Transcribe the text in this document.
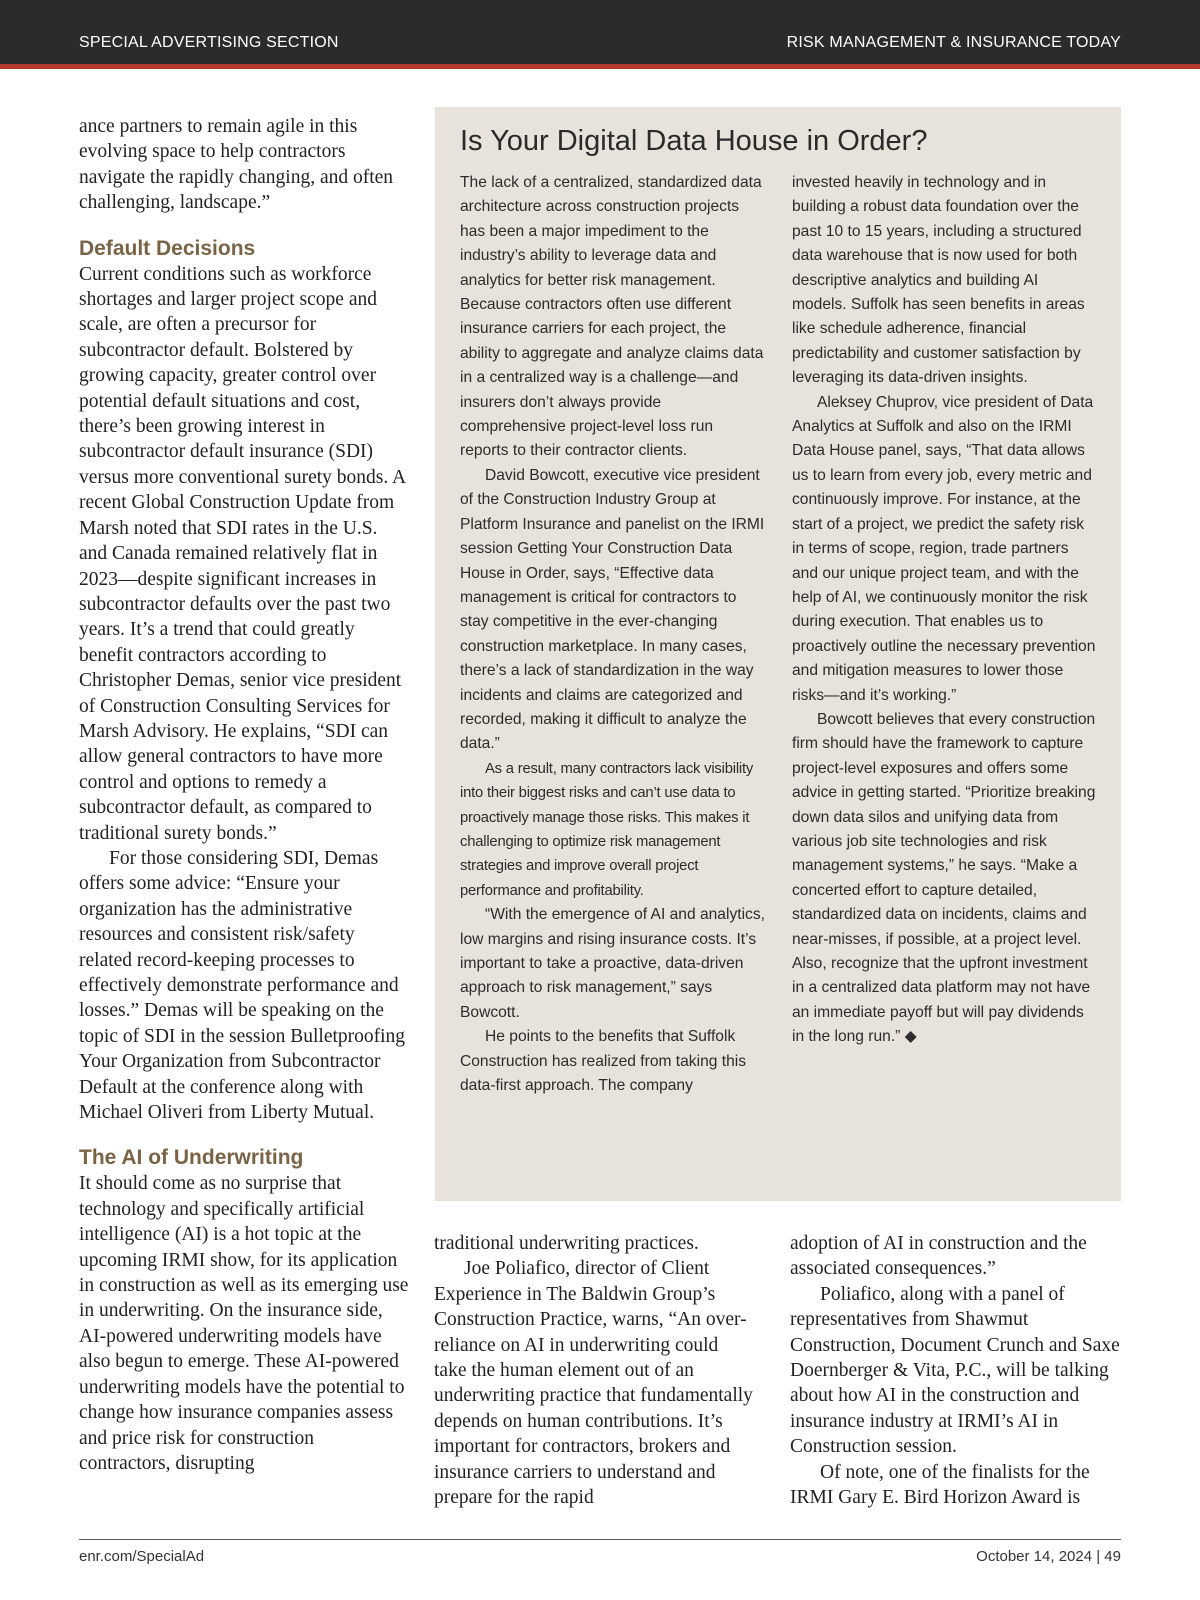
SPECIAL ADVERTISING SECTION	RISK MANAGEMENT & INSURANCE TODAY

ance partners to remain agile in this evolving space to help contractors navigate the rapidly changing, and often challenging, landscape.”

Default Decisions

Current conditions such as workforce shortages and larger project scope and scale, are often a precursor for subcontractor default. Bolstered by growing capacity, greater control over potential default situations and cost, there’s been growing interest in subcontractor default insurance (SDI) versus more conventional surety bonds. A recent Global Construction Update from Marsh noted that SDI rates in the U.S. and Canada remained relatively flat in 2023—despite significant increases in subcontractor defaults over the past two years. It’s a trend that could greatly benefit contractors according to Christopher Demas, senior vice president of Construction Consulting Services for Marsh Advisory. He explains, “SDI can allow general contractors to have more control and options to remedy a subcontractor default, as compared to traditional surety bonds.”

For those considering SDI, Demas offers some advice: “Ensure your organization has the administrative resources and consistent risk/safety related record-keeping processes to effectively demonstrate performance and losses.” Demas will be speaking on the topic of SDI in the session Bulletproofing Your Organization from Subcontractor Default at the conference along with Michael Oliveri from Liberty Mutual.

The AI of Underwriting

It should come as no surprise that technology and specifically artificial intelligence (AI) is a hot topic at the upcoming IRMI show, for its application in construction as well as its emerging use in underwriting. On the insurance side, AI-powered underwriting models have also begun to emerge. These AI-powered underwriting models have the potential to change how insurance companies assess and price risk for construction contractors, disrupting

Is Your Digital Data House in Order?

The lack of a centralized, standardized data architecture across construction projects has been a major impediment to the industry’s ability to leverage data and analytics for better risk management. Because contractors often use different insurance carriers for each project, the ability to aggregate and analyze claims data in a centralized way is a challenge—and insurers don’t always provide comprehensive project-level loss run reports to their contractor clients.

David Bowcott, executive vice president of the Construction Industry Group at Platform Insurance and panelist on the IRMI session Getting Your Construction Data House in Order, says, “Effective data management is critical for contractors to stay competitive in the ever-changing construction marketplace. In many cases, there’s a lack of standardization in the way incidents and claims are categorized and recorded, making it difficult to analyze the data.”

As a result, many contractors lack visibility into their biggest risks and can’t use data to proactively manage those risks. This makes it challenging to optimize risk management strategies and improve overall project performance and profitability.

“With the emergence of AI and analytics, low margins and rising insurance costs. It’s important to take a proactive, data-driven approach to risk management,” says Bowcott.

He points to the benefits that Suffolk Construction has realized from taking this data-first approach. The company

invested heavily in technology and in building a robust data foundation over the past 10 to 15 years, including a structured data warehouse that is now used for both descriptive analytics and building AI models. Suffolk has seen benefits in areas like schedule adherence, financial predictability and customer satisfaction by leveraging its data-driven insights.

Aleksey Chuprov, vice president of Data Analytics at Suffolk and also on the IRMI Data House panel, says, “That data allows us to learn from every job, every metric and continuously improve. For instance, at the start of a project, we predict the safety risk in terms of scope, region, trade partners and our unique project team, and with the help of AI, we continuously monitor the risk during execution. That enables us to proactively outline the necessary prevention and mitigation measures to lower those risks—and it’s working.”

Bowcott believes that every construction firm should have the framework to capture project-level exposures and offers some advice in getting started. “Prioritize breaking down data silos and unifying data from various job site technologies and risk management systems,” he says. “Make a concerted effort to capture detailed, standardized data on incidents, claims and near-misses, if possible, at a project level. Also, recognize that the upfront investment in a centralized data platform may not have an immediate payoff but will pay dividends in the long run.” ◆

traditional underwriting practices.

Joe Poliafico, director of Client Experience in The Baldwin Group’s Construction Practice, warns, “An over-reliance on AI in underwriting could take the human element out of an underwriting practice that fundamentally depends on human contributions. It’s important for contractors, brokers and insurance carriers to understand and prepare for the rapid

adoption of AI in construction and the associated consequences.”

Poliafico, along with a panel of representatives from Shawmut Construction, Document Crunch and Saxe Doernberger & Vita, P.C., will be talking about how AI in the construction and insurance industry at IRMI’s AI in Construction session.

Of note, one of the finalists for the IRMI Gary E. Bird Horizon Award is

enr.com/SpecialAd	October 14, 2024 | 49
